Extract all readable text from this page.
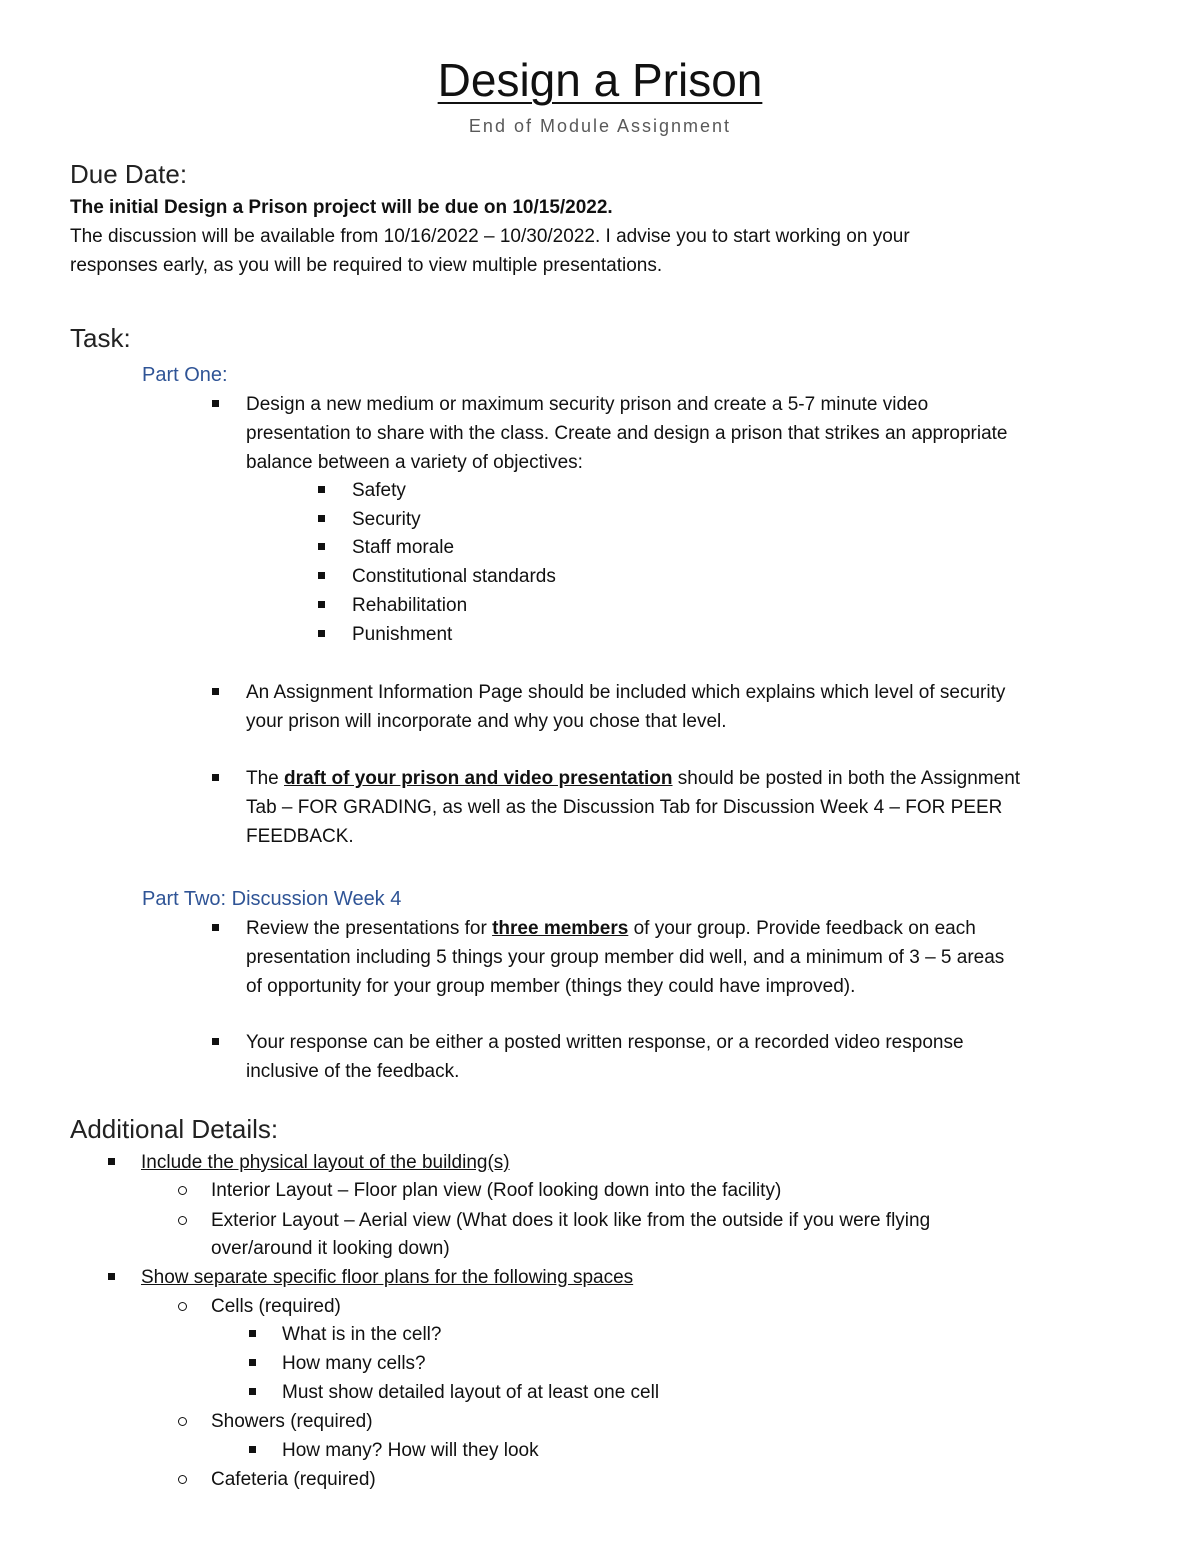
Design a Prison
End of Module Assignment
Due Date:
The initial Design a Prison project will be due on 10/15/2022.
The discussion will be available from 10/16/2022 – 10/30/2022. I advise you to start working on your
responses early, as you will be required to view multiple presentations.
Task:
Part One:
Design a new medium or maximum security prison and create a 5-7 minute video
presentation to share with the class. Create and design a prison that strikes an appropriate
balance between a variety of objectives:
Safety
Security
Staff morale
Constitutional standards
Rehabilitation
Punishment
An Assignment Information Page should be included which explains which level of security
your prison will incorporate and why you chose that level.
The draft of your prison and video presentation should be posted in both the Assignment
Tab – FOR GRADING, as well as the Discussion Tab for Discussion Week 4 – FOR PEER
FEEDBACK.
Part Two: Discussion Week 4
Review the presentations for three members of your group. Provide feedback on each
presentation including 5 things your group member did well, and a minimum of 3 – 5 areas
of opportunity for your group member (things they could have improved).
Your response can be either a posted written response, or a recorded video response
inclusive of the feedback.
Additional Details:
Include the physical layout of the building(s)
Interior Layout – Floor plan view (Roof looking down into the facility)
Exterior Layout – Aerial view (What does it look like from the outside if you were flying
over/around it looking down)
Show separate specific floor plans for the following spaces
Cells (required)
What is in the cell?
How many cells?
Must show detailed layout of at least one cell
Showers (required)
How many? How will they look
Cafeteria (required)
